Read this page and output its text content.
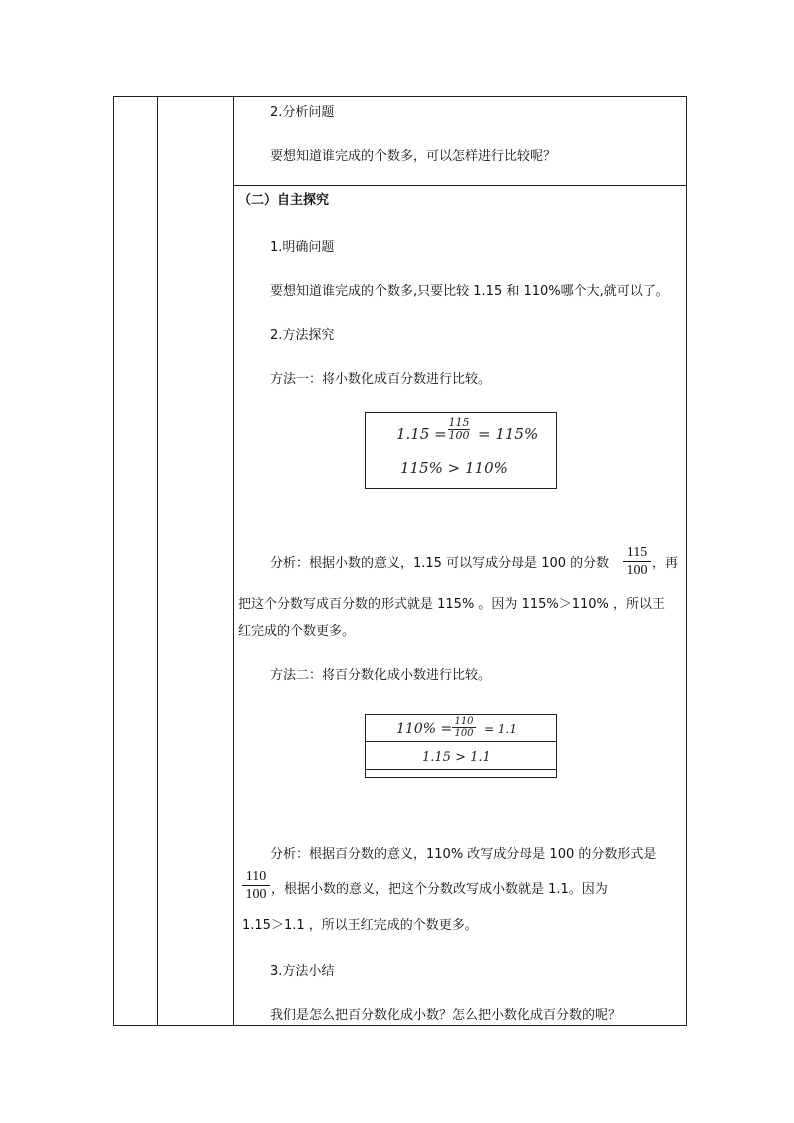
2.分析问题
要想知道谁完成的个数多，可以怎样进行比较呢？
（二）自主探究
1.明确问题
要想知道谁完成的个数多,只要比较 1.15 和 110%哪个大,就可以了。
2.方法探究
方法一：将小数化成百分数进行比较。
1.15 =
115
100 = 115%
115% > 110%
分析：根据小数的意义，1.15 可以写成分母是 100 的分数
115
100 ，再
把这个分数写成百分数的形式就是 115% 。因为 115%＞110% ，所以王
红完成的个数更多。
方法二：将百分数化成小数进行比较。
110% = 110
100 = 1.1
1.15 > 1.1
分析：根据百分数的意义，110% 改写成分母是 100 的分数形式是
110
100 ，根据小数的意义，把这个分数改写成小数就是 1.1。因为
1.15＞1.1 ，所以王红完成的个数更多。
3.方法小结
我们是怎么把百分数化成小数？怎么把小数化成百分数的呢？
